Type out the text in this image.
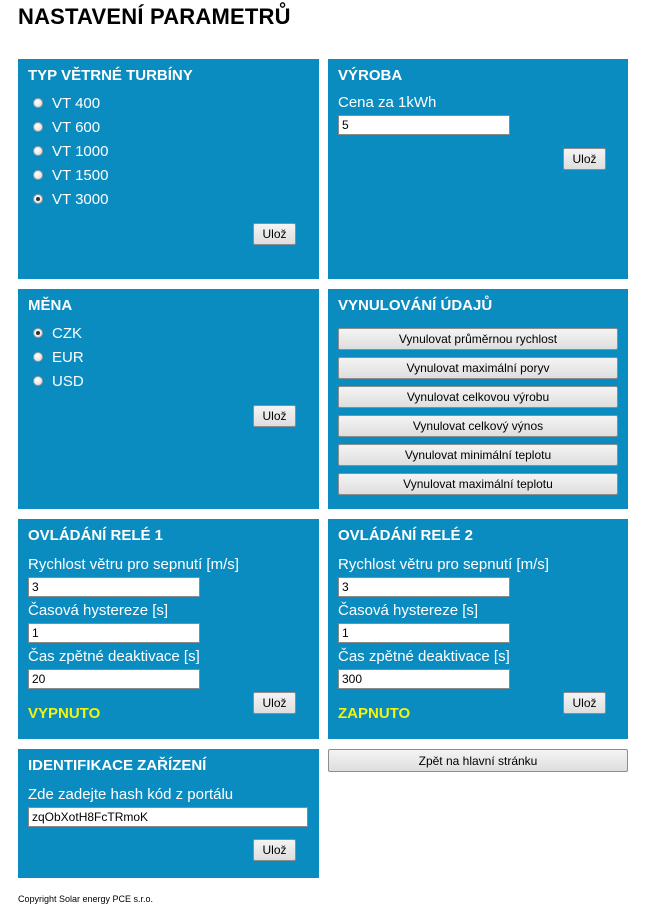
NASTAVENÍ PARAMETRŮ
TYP VĚTRNÉ TURBÍNY
VT 400
VT 600
VT 1000
VT 1500
VT 3000
Ulož
VÝROBA
Cena za 1kWh
5
Ulož
MĚNA
CZK
EUR
USD
Ulož
VYNULOVÁNÍ ÚDAJŮ
Vynulovat průměrnou rychlost
Vynulovat maximální poryv
Vynulovat celkovou výrobu
Vynulovat celkový výnos
Vynulovat minimální teplotu
Vynulovat maximální teplotu
OVLÁDÁNÍ RELÉ 1
Rychlost větru pro sepnutí [m/s]
3
Časová hystereze [s]
1
Čas zpětné deaktivace [s]
20
VYPNUTO
Ulož
OVLÁDÁNÍ RELÉ 2
Rychlost větru pro sepnutí [m/s]
3
Časová hystereze [s]
1
Čas zpětné deaktivace [s]
300
ZAPNUTO
Ulož
IDENTIFIKACE ZAŘÍZENÍ
Zde zadejte hash kód z portálu
zqObXotH8FcTRmoK
Ulož
Zpět na hlavní stránku
Copyright Solar energy PCE s.r.o.
